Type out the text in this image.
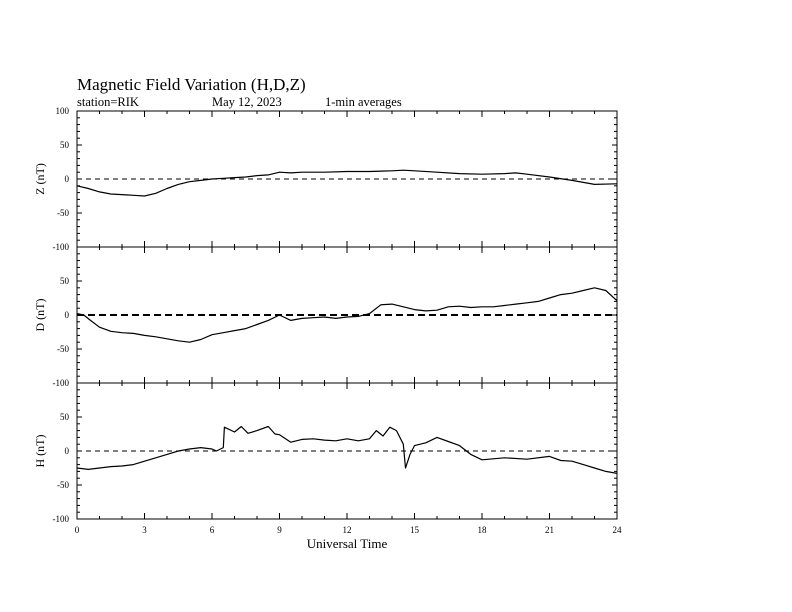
Magnetic Field Variation (H,D,Z)
station=RIK	May 12, 2023	1-min averages
100
50
0
-50
-100
Z (nT)
50
0
-50
-100
D (nT)
50
0
-50
-100
H (nT)
0	3	6	9	12	15	18	21	24
Universal Time
